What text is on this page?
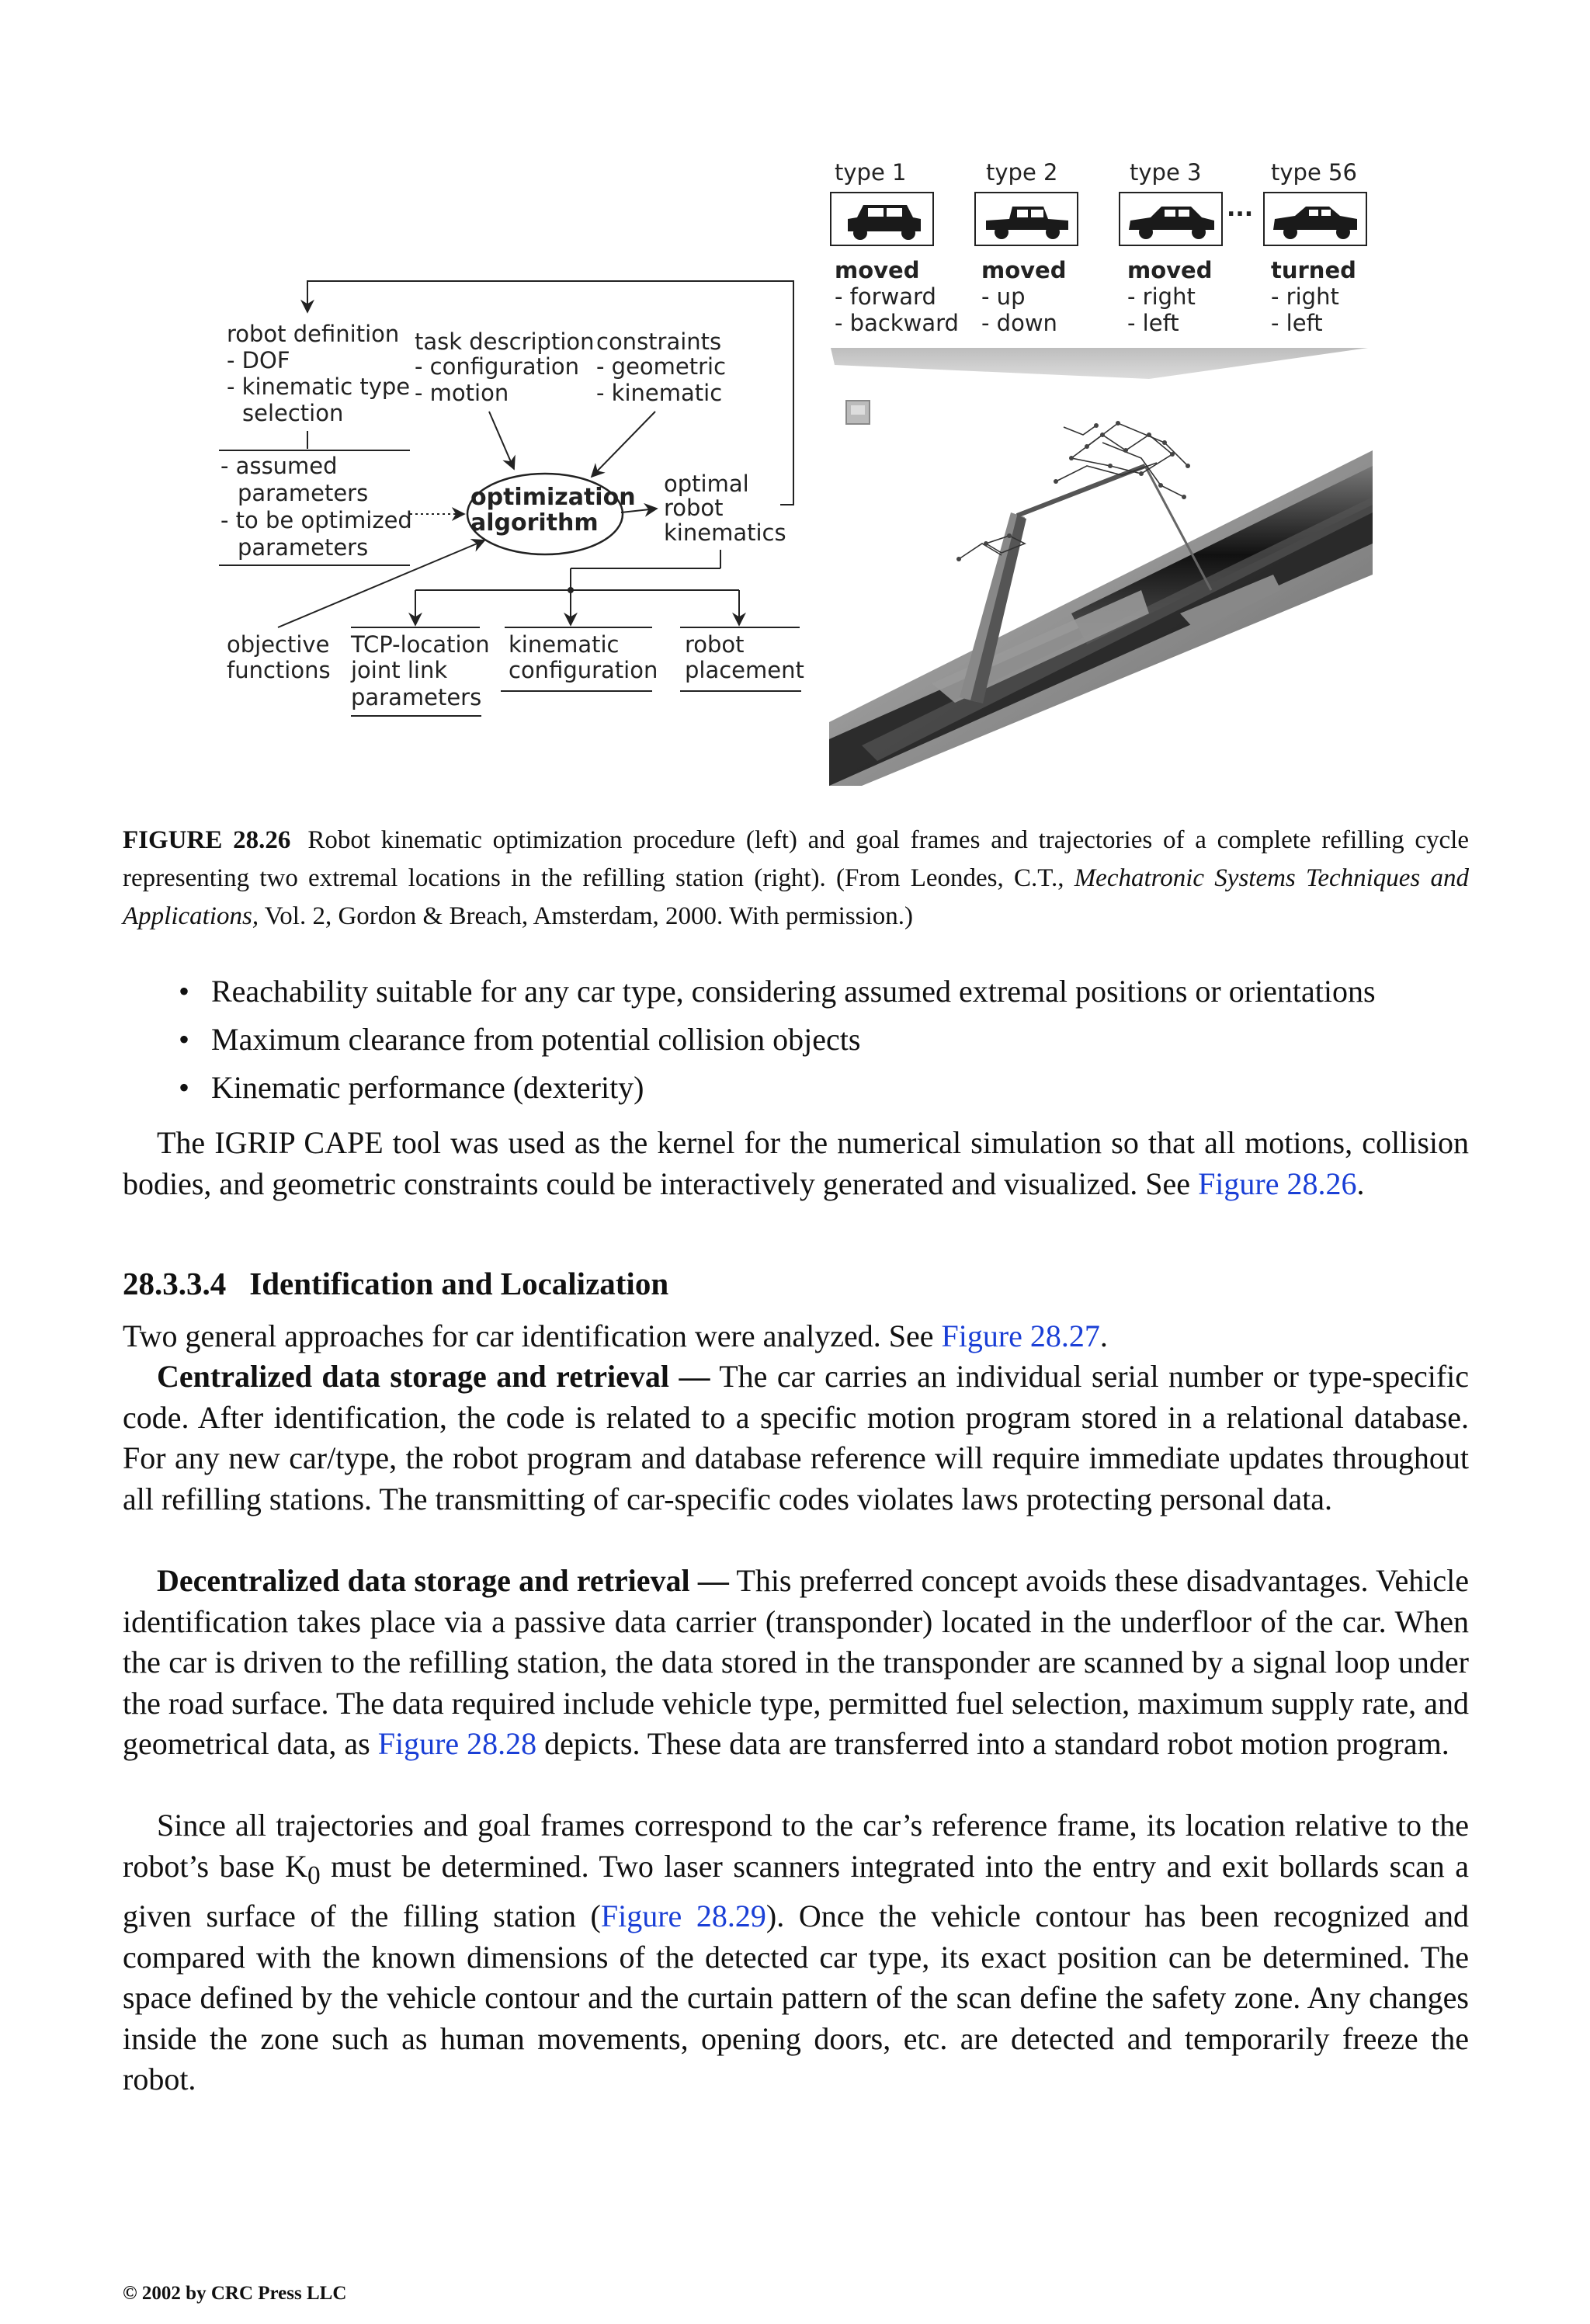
robot definition - DOF - kinematic type selection
task description - configuration - motion
constraints - geometric - kinematic
- assumed parameters - to be optimized parameters
optimization algorithm
optimal robot kinematics
objective functions
TCP-location joint link parameters
kinematic configuration
robot placement
type 1	type 2	type 3	type 56
...
moved - forward - backward
moved - up - down
moved - right - left
turned - right - left
FIGURE 28.26 Robot kinematic optimization procedure (left) and goal frames and trajectories of a complete refilling cycle representing two extremal locations in the refilling station (right). (From Leondes, C.T., Mechatronic Systems Techniques and Applications, Vol. 2, Gordon & Breach, Amsterdam, 2000. With permission.)
• Reachability suitable for any car type, considering assumed extremal positions or orientations
• Maximum clearance from potential collision objects
• Kinematic performance (dexterity)

The IGRIP CAPE tool was used as the kernel for the numerical simulation so that all motions, collision bodies, and geometric constraints could be interactively generated and visualized. See Figure 28.26.

28.3.3.4 Identification and Localization

Two general approaches for car identification were analyzed. See Figure 28.27.

Centralized data storage and retrieval — The car carries an individual serial number or type-specific code. After identification, the code is related to a specific motion program stored in a relational database. For any new car/type, the robot program and database reference will require immediate updates throughout all refilling stations. The transmitting of car-specific codes violates laws protecting personal data.

Decentralized data storage and retrieval — This preferred concept avoids these disadvantages. Vehicle identification takes place via a passive data carrier (transponder) located in the underfloor of the car. When the car is driven to the refilling station, the data stored in the transponder are scanned by a signal loop under the road surface. The data required include vehicle type, permitted fuel selection, maximum supply rate, and geometrical data, as Figure 28.28 depicts. These data are transferred into a standard robot motion program.

Since all trajectories and goal frames correspond to the car’s reference frame, its location relative to the robot’s base $K_0$ must be determined. Two laser scanners integrated into the entry and exit bollards scan a given surface of the filling station (Figure 28.29). Once the vehicle contour has been recognized and compared with the known dimensions of the detected car type, its exact position can be determined. The space defined by the vehicle contour and the curtain pattern of the scan define the safety zone. Any changes inside the zone such as human movements, opening doors, etc. are detected and temporarily freeze the robot.

© 2002 by CRC Press LLC
